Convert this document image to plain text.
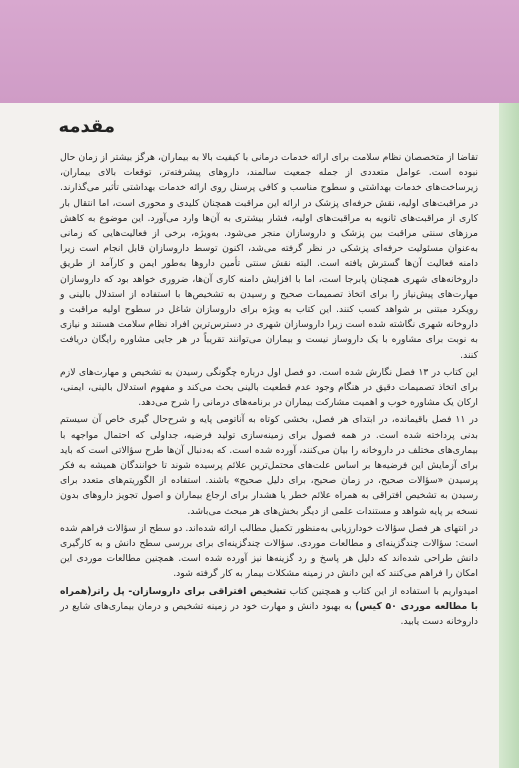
مقدمه

تقاضا از متخصصان نظام سلامت برای ارائه خدمات درمانی با کیفیت بالا به بیماران، هرگز بیشتر از زمان حال نبوده است. عوامل متعددی از جمله جمعیت سالمند، داروهای پیشرفته‌تر، توقعات بالای بیماران، زیرساخت‌های خدمات بهداشتی و سطوح مناسب و کافی پرسنل روی ارائه خدمات بهداشتی تأثیر می‌گذارند. در مراقبت‌های اولیه، نقش حرفه‌ای پزشک در ارائه این مراقبت همچنان کلیدی و محوری است، اما انتقال بار کاری از مراقبت‌های ثانویه به مراقبت‌های اولیه، فشار بیشتری به آن‌ها وارد می‌آورد. این موضوع به کاهش مرزهای سنتی مراقبت بین پزشک و داروسازان منجر می‌شود. به‌ویژه، برخی از فعالیت‌هایی که زمانی به‌عنوان مسئولیت حرفه‌ای پزشکی در نظر گرفته می‌شد، اکنون توسط داروسازان قابل انجام است زیرا دامنه فعالیت آن‌ها گسترش یافته است. البته نقش سنتی تأمین داروها به‌طور ایمن و کارآمد از طریق داروخانه‌های شهری همچنان پابرجا است، اما با افزایش دامنه کاری آن‌ها، ضروری خواهد بود که داروسازان مهارت‌های پیش‌نیاز را برای اتخاذ تصمیمات صحیح و رسیدن به تشخیص‌ها با استفاده از استدلال بالینی و رویکرد مبتنی بر شواهد کسب کنند. این کتاب به ویژه برای داروسازان شاغل در سطوح اولیه مراقبت و داروخانه شهری نگاشته شده است زیرا داروسازان شهری در دسترس‌ترین افراد نظام سلامت هستند و نیازی به نوبت برای مشاوره با یک داروساز نیست و بیماران می‌توانند تقریباً در هر جایی مشاوره رایگان دریافت کنند.

این کتاب در ۱۳ فصل نگارش شده است. دو فصل اول درباره چگونگی رسیدن به تشخیص و مهارت‌های لازم برای اتخاذ تصمیمات دقیق در هنگام وجود عدم قطعیت بالینی بحث می‌کند و مفهوم استدلال بالینی، ایمنی، ارکان یک مشاوره خوب و اهمیت مشارکت بیماران در برنامه‌های درمانی را شرح می‌دهد.

در ۱۱ فصل باقیمانده، در ابتدای هر فصل، بخشی کوتاه به آناتومی پایه و شرح‌حال گیری خاص آن سیستم بدنی پرداخته شده است. در همه فصول برای زمینه‌سازی تولید فرضیه، جداولی که احتمال مواجهه با بیماری‌های مختلف در داروخانه را بیان می‌کنند، آورده شده است. که به‌دنبال آن‌ها طرح سؤالاتی است که باید برای آزمایش این فرضیه‌ها بر اساس علت‌های محتمل‌ترین علائم پرسیده شوند تا خوانندگان همیشه به فکر پرسیدن «سؤالات صحیح، در زمان صحیح، برای دلیل صحیح» باشند. استفاده از الگوریتم‌های متعدد برای رسیدن به تشخیص افتراقی به همراه علائم خطر یا هشدار برای ارجاع بیماران و اصول تجویز داروهای بدون نسخه بر پایه شواهد و مستندات علمی از دیگر بخش‌های هر مبحث می‌باشد.

در انتهای هر فصل سؤالات خودارزیابی به‌منظور تکمیل مطالب ارائه شده‌اند. دو سطح از سؤالات فراهم شده است: سؤالات چندگزینه‌ای و مطالعات موردی. سؤالات چندگزینه‌ای برای بررسی سطح دانش و به کارگیری دانش طراحی شده‌اند که دلیل هر پاسخ و رد گزینه‌ها نیز آورده شده است. همچنین مطالعات موردی این امکان را فراهم می‌کنند که این دانش در زمینه مشکلات بیمار به کار گرفته شود.

امیدواریم با استفاده از این کتاب و همچنین کتاب تشخیص افتراقی برای داروسازان- پل راتر(همراه با مطالعه موردی ۵۰ کیس) به بهبود دانش و مهارت خود در زمینه تشخیص و درمان بیماری‌های شایع در داروخانه دست یابید.
